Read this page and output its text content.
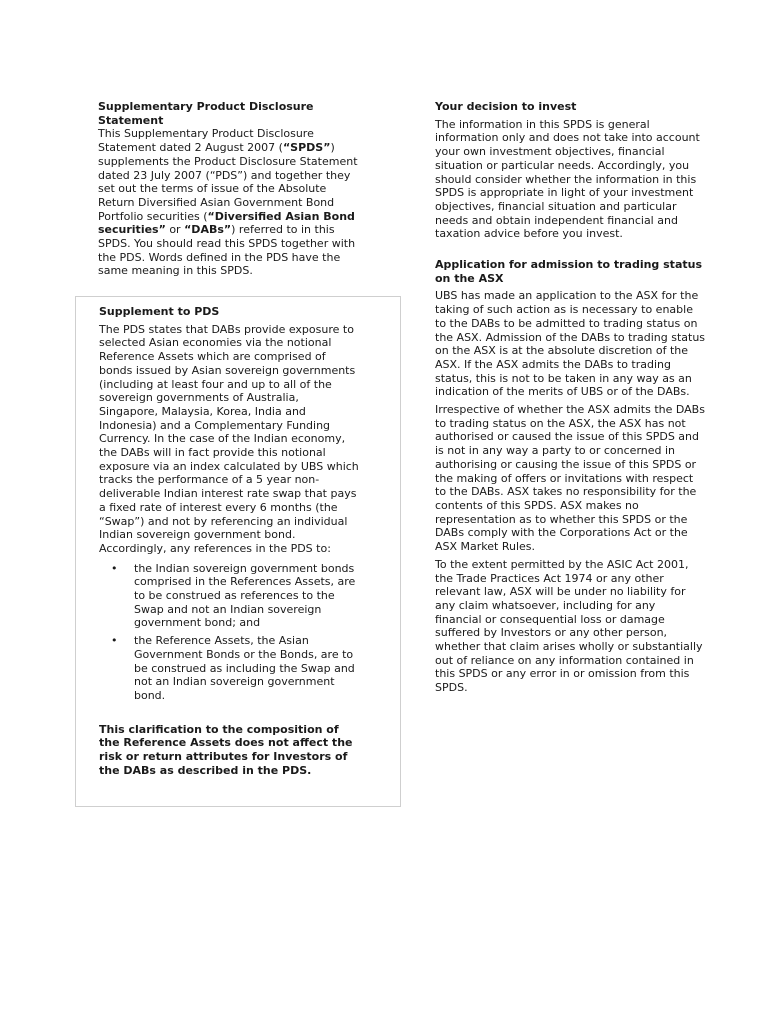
Supplementary Product Disclosure Statement

This Supplementary Product Disclosure Statement dated 2 August 2007 (“SPDS”) supplements the Product Disclosure Statement dated 23 July 2007 (“PDS”) and together they set out the terms of issue of the Absolute Return Diversified Asian Government Bond Portfolio securities (“Diversified Asian Bond securities” or “DABs”) referred to in this SPDS. You should read this SPDS together with the PDS. Words defined in the PDS have the same meaning in this SPDS.

Supplement to PDS

The PDS states that DABs provide exposure to selected Asian economies via the notional Reference Assets which are comprised of bonds issued by Asian sovereign governments (including at least four and up to all of the sovereign governments of Australia, Singapore, Malaysia, Korea, India and Indonesia) and a Complementary Funding Currency. In the case of the Indian economy, the DABs will in fact provide this notional exposure via an index calculated by UBS which tracks the performance of a 5 year non-deliverable Indian interest rate swap that pays a fixed rate of interest every 6 months (the “Swap”) and not by referencing an individual Indian sovereign government bond. Accordingly, any references in the PDS to:

• the Indian sovereign government bonds comprised in the References Assets, are to be construed as references to the Swap and not an Indian sovereign government bond; and
• the Reference Assets, the Asian Government Bonds or the Bonds, are to be construed as including the Swap and not an Indian sovereign government bond.

This clarification to the composition of the Reference Assets does not affect the risk or return attributes for Investors of the DABs as described in the PDS.

Your decision to invest

The information in this SPDS is general information only and does not take into account your own investment objectives, financial situation or particular needs. Accordingly, you should consider whether the information in this SPDS is appropriate in light of your investment objectives, financial situation and particular needs and obtain independent financial and taxation advice before you invest.

Application for admission to trading status on the ASX

UBS has made an application to the ASX for the taking of such action as is necessary to enable to the DABs to be admitted to trading status on the ASX. Admission of the DABs to trading status on the ASX is at the absolute discretion of the ASX. If the ASX admits the DABs to trading status, this is not to be taken in any way as an indication of the merits of UBS or of the DABs.

Irrespective of whether the ASX admits the DABs to trading status on the ASX, the ASX has not authorised or caused the issue of this SPDS and is not in any way a party to or concerned in authorising or causing the issue of this SPDS or the making of offers or invitations with respect to the DABs. ASX takes no responsibility for the contents of this SPDS. ASX makes no representation as to whether this SPDS or the DABs comply with the Corporations Act or the ASX Market Rules.

To the extent permitted by the ASIC Act 2001, the Trade Practices Act 1974 or any other relevant law, ASX will be under no liability for any claim whatsoever, including for any financial or consequential loss or damage suffered by Investors or any other person, whether that claim arises wholly or substantially out of reliance on any information contained in this SPDS or any error in or omission from this SPDS.
